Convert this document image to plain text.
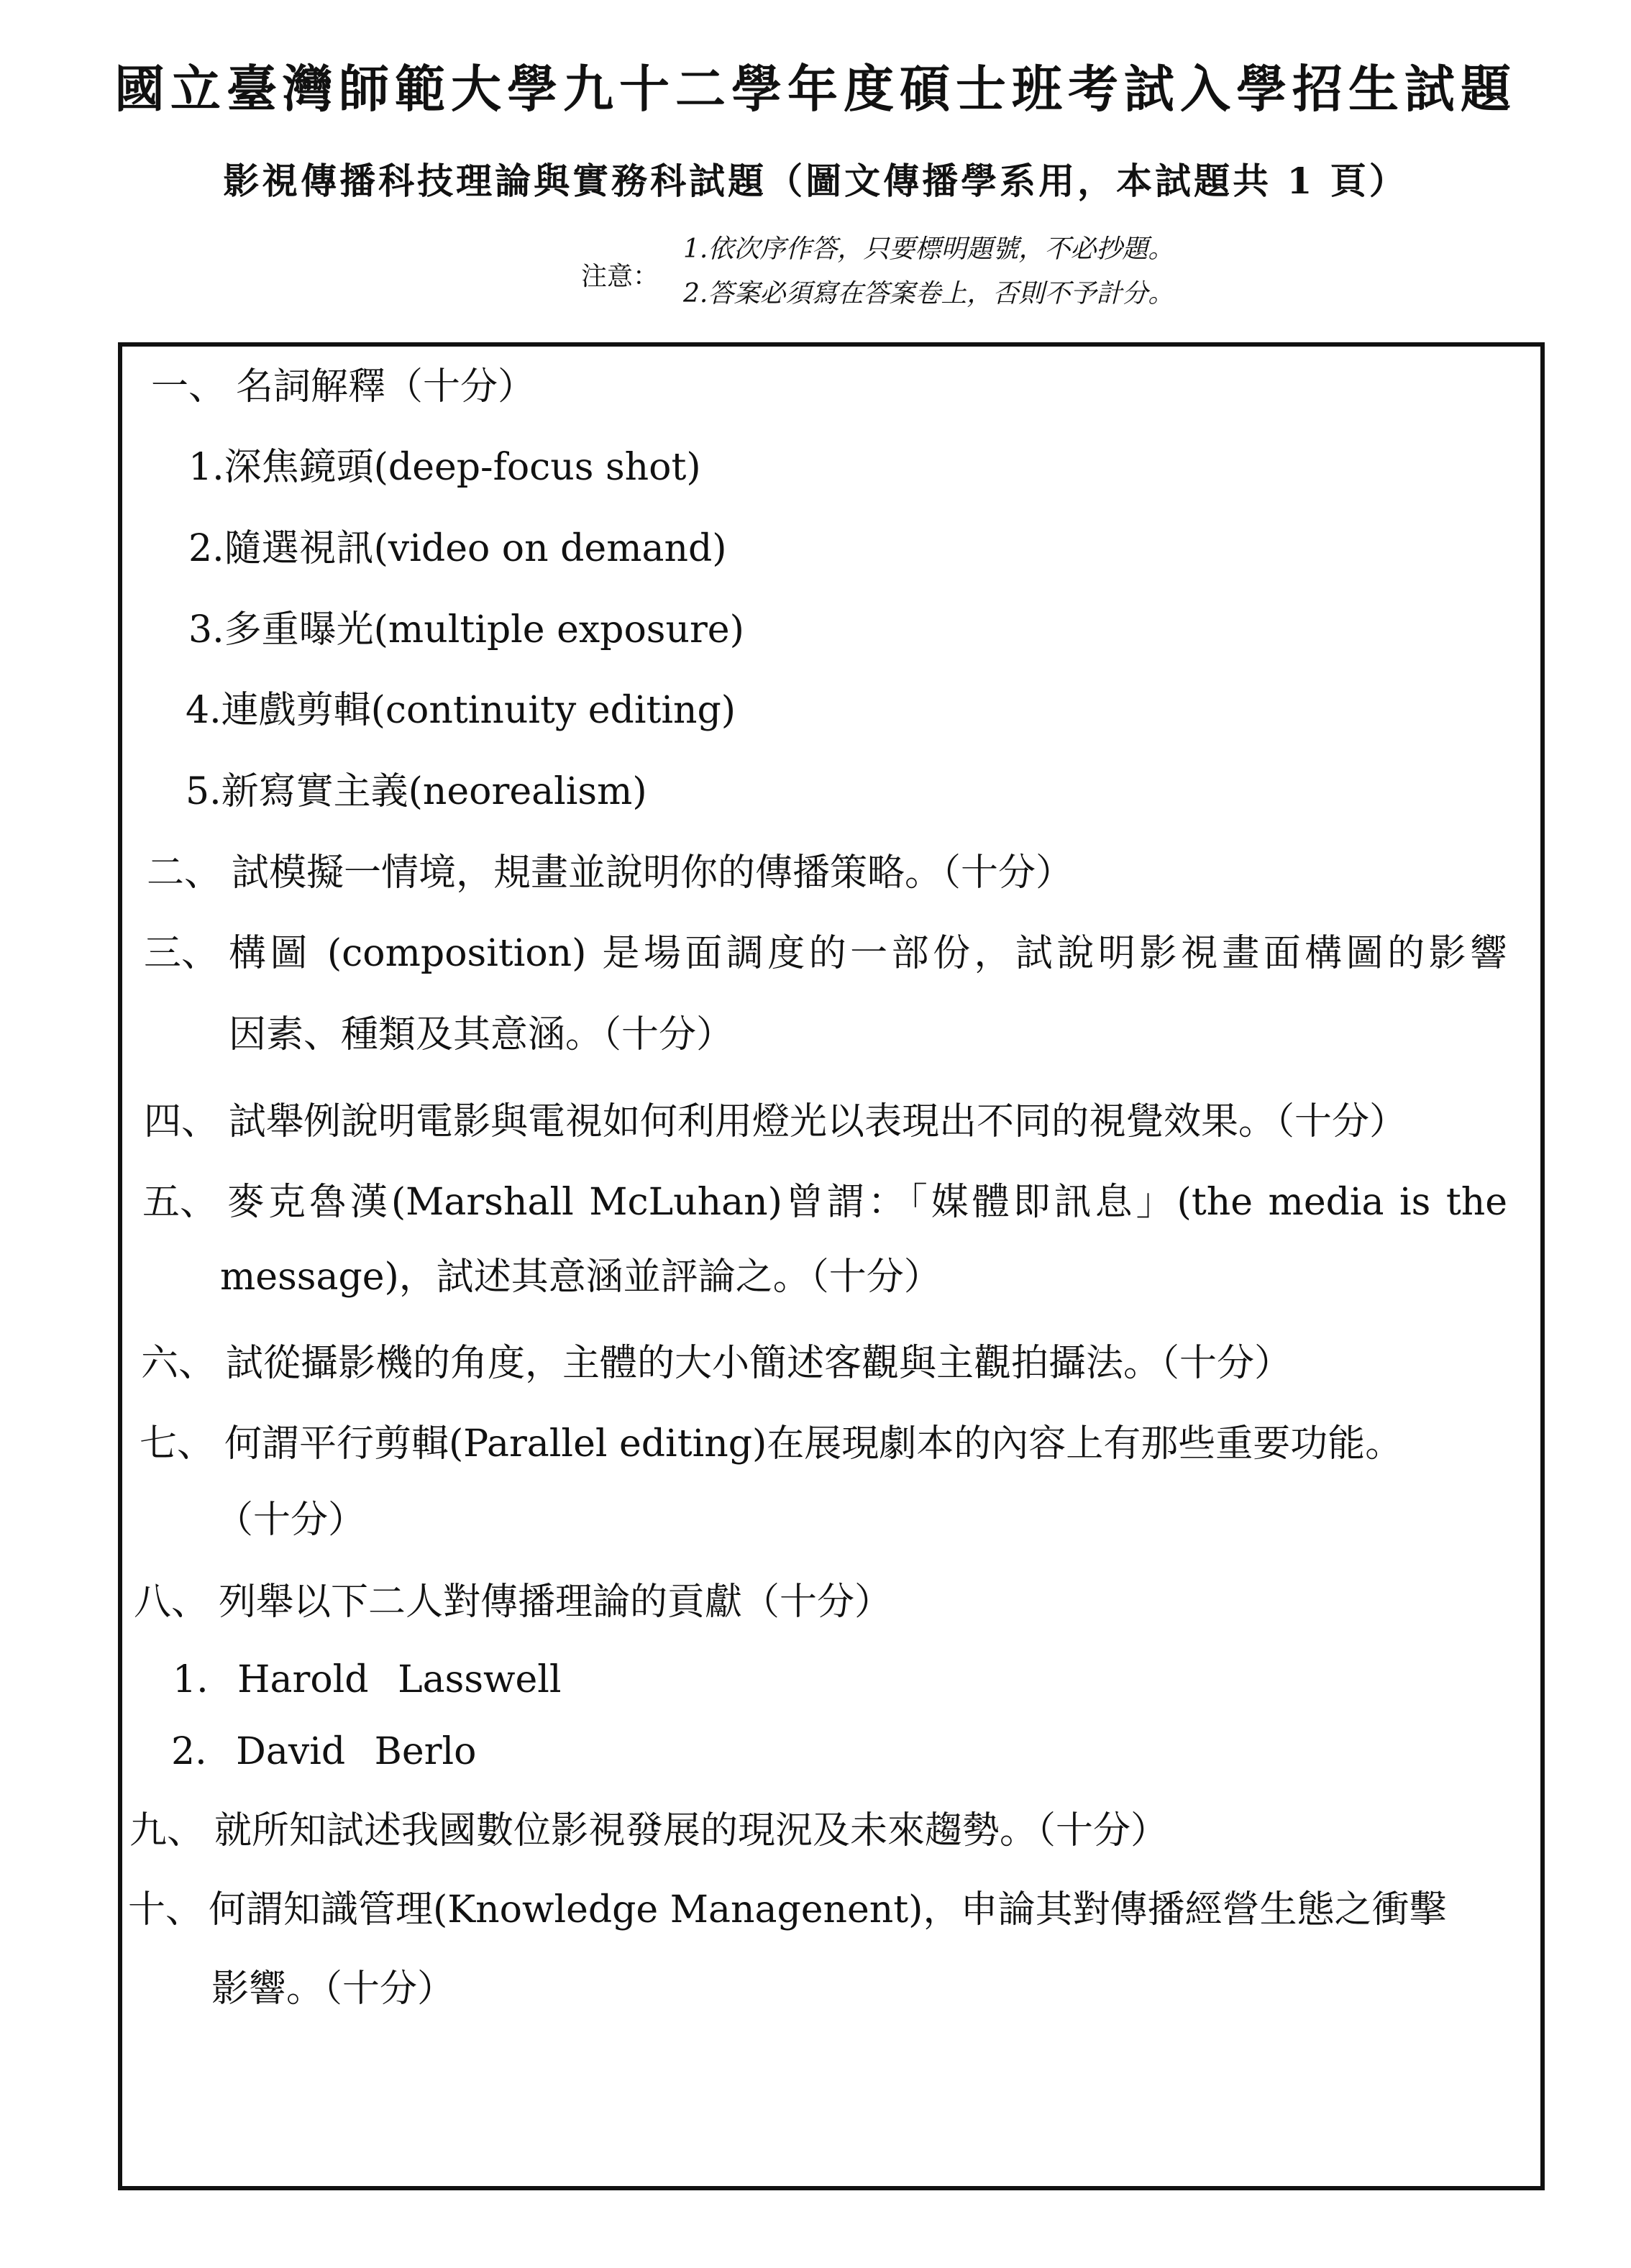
國立臺灣師範大學九十二學年度碩士班考試入學招生試題
影視傳播科技理論與實務科試題（圖文傳播學系用，本試題共 1 頁）
注意：
1.依次序作答，只要標明題號，不必抄題。
2.答案必須寫在答案卷上，否則不予計分。
一、 名詞解釋（十分）
1.深焦鏡頭(deep-focus shot)
2.隨選視訊(video on demand)
3.多重曝光(multiple exposure)
4.連戲剪輯(continuity editing)
5.新寫實主義(neorealism)
二、 試模擬一情境，規畫並說明你的傳播策略。（十分）
三、 構圖 (composition) 是場面調度的一部份，試說明影視畫面構圖的影響
因素、種類及其意涵。（十分）
四、 試舉例說明電影與電視如何利用燈光以表現出不同的視覺效果。（十分）
五、 麥克魯漢(Marshall McLuhan)曾謂：「媒體即訊息」(the media is the
message)，試述其意涵並評論之。（十分）
六、 試從攝影機的角度，主體的大小簡述客觀與主觀拍攝法。（十分）
七、 何謂平行剪輯(Parallel editing)在展現劇本的內容上有那些重要功能。
（十分）
八、 列舉以下二人對傳播理論的貢獻（十分）
1. Harold Lasswell
2. David Berlo
九、 就所知試述我國數位影視發展的現況及未來趨勢。（十分）
十、 何謂知識管理(Knowledge Managenent)，申論其對傳播經營生態之衝擊
影響。（十分）
